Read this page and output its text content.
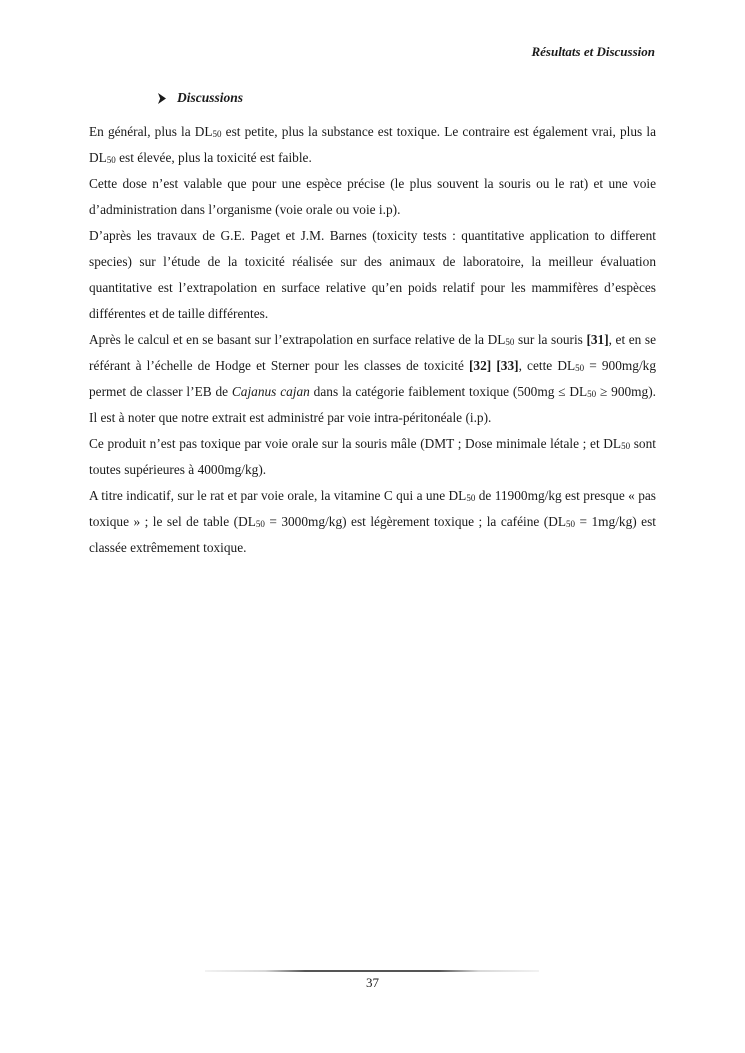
Résultats et Discussion
Discussions

En général, plus la $DL_{50}$ est petite, plus la substance est toxique. Le contraire est également vrai, plus la $DL_{50}$ est élevée, plus la toxicité est faible.

Cette dose n’est valable que pour une espèce précise (le plus souvent la souris ou le rat) et une voie d’administration dans l’organisme (voie orale ou voie i.p).

D’après les travaux de G.E. Paget et J.M. Barnes (toxicity tests : quantitative application to different species) sur l’étude de la toxicité réalisée sur des animaux de laboratoire, la meilleur évaluation quantitative est l’extrapolation en surface relative qu’en poids relatif pour les mammifères d’espèces différentes et de taille différentes.

Après le calcul et en se basant sur l’extrapolation en surface relative de la $DL_{50}$ sur la souris [31], et en se référant à l’échelle de Hodge et Sterner pour les classes de toxicité [32] [33], cette $DL_{50} = 900mg/kg$ permet de classer l’EB de Cajanus cajan dans la catégorie faiblement toxique $(500mg \le DL_{50} \ge 900mg)$. Il est à noter que notre extrait est administré par voie intra-péritonéale (i.p).

Ce produit n’est pas toxique par voie orale sur la souris mâle (DMT ; Dose minimale létale ; et $DL_{50}$ sont toutes supérieures à 4000mg/kg).

A titre indicatif, sur le rat et par voie orale, la vitamine C qui a une $DL_{50}$ de 11900mg/kg est presque « pas toxique » ; le sel de table $(DL_{50} = 3000mg/kg)$ est légèrement toxique ; la caféine $(DL_{50} = 1mg/kg)$ est classée extrêmement toxique.

37
